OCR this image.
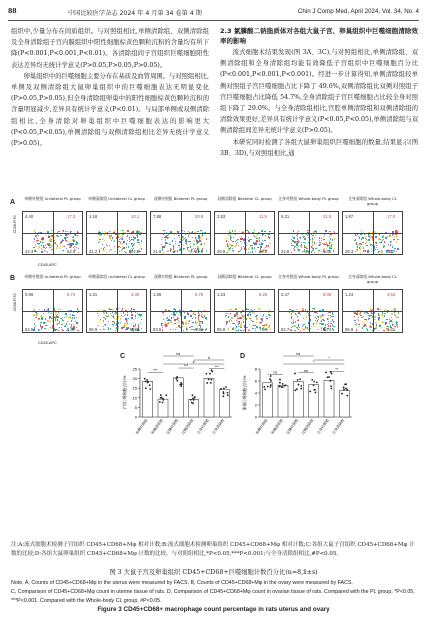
88	中国比较医学杂志 2024 年 4 月第 34 卷第 4 期	Chin J Comp Med, April 2024, Vol. 34, No. 4

组织中,少量分布在间质组织。与对照组相比,单侧清除组、双侧清除组及全身清除组子宫内膜组织中阳性细胞棕黄色颗粒沉积的含量均有所下降(P<0.001,P<0.001,P<0.01)。各清除组间子宫组织巨噬细胞阳性表达差异均无统计学意义(P>0.05,P>0.05,P>0.05)。

卵巢组织中的巨噬细胞主要分布在基质及血管周围。与对照组相比,单侧及双侧清除组大鼠卵巢组织中的巨噬细胞表达无明显变化(P>0.05,P>0.05),但全身清除组卵巢中的阳性细胞棕黄色颗粒沉积的含量明显减少,差异具有统计学意义(P<0.01)。与局部单侧或双侧清除组相比,全身清除对卵巢组织中巨噬细胞表达的影响更大(P<0.05,P<0.05),单侧清除组与双侧清除组相比差异无统计学意义(P>0.05)。

2.3 氯膦酸二钠脂质体对各组大鼠子宫、卵巢组织中巨噬细胞清除效率的影响

流式细胞术结果发现(图 3A、3C),与对照组相比,单侧清除组、双侧清除组和全身清除组均能有效降低子宫组织中巨噬细胞百分比(P<0.001,P<0.001,P<0.001)。经进一步计算得知,单侧清除组较单侧对照组子宫巨噬细胞占比下降了 49.6%,双侧清除组比双侧对照组子宫巨噬细胞占比降低 54.7%,全身清除组子宫巨噬细胞占比较全身对照组下降了 29.0%。与全身清除组相比,宫腔单侧清除组和双侧清除组的清除效果更好,差异具有统计学意义(P<0.05,P<0.05),单侧清除组与双侧清除组间差异无统计学意义(P>0.05)。

本研究同时检测了各组大鼠卵巢组织巨噬细胞的数量,结果显示(图 3B、3D),与对照组相比,通

A
CD68-FITC
单侧对照组 Unilateral PL group
4.40	17.3
24.3	54.0
单侧清除组 Unilateral CL group
1.18	10.1
31.2	57.5
双侧对照组 Bilateral PL group
7.88	20.8
21.6	49.8
双侧清除组 Bilateral CL group
2.53	11.5
25.9	60.0
全身对照组 Whole-body PL group
5.21	21.5
22.8	50.5
全身清除组 Whole-body CL group
1.97	17.0
28.3	52.7
CD45-APC
B
CD68-FITC
单侧对照组 Unilateral PL group
0.89	5.74
84.5	8.87
单侧清除组 Unilateral CL group
1.31	4.40
86.9	7.36
双侧对照组 Bilateral PL group
1.89	5.76
83.5	8.81
双侧清除组 Bilateral CL group
1.23	5.25
85.8	7.69
全身对照组 Whole-body PL group
2.47	6.06
82.7	8.74
全身清除组 Whole-body CL group
1.24	4.53
85.9	8.31
CD45-APC
C	D
0
5
10
15
20
25
子宫巨噬细胞占比/%
单侧对照组 单侧清除组 双侧对照组 双侧清除组 全身对照组 全身清除组
***
***	***
#
#
ns
0
2
4
6
8
卵巢巨噬细胞占比/%
单侧对照组 单侧清除组 双侧对照组 双侧清除组 全身对照组 全身清除组
ns	ns	**
*
*
ns
注:A:流式细胞术检测子宫组织 CD45+CD68+Mφ 相对计数;B:流式细胞术检测卵巢组织 CD45+CD68+Mφ 相对计数;C:各组大鼠子宫组织 CD45+CD68+Mφ 计数的比较;D:各组大鼠卵巢组织 CD45+CD68+Mφ 计数的比较。与对照组相比,*P<0.05,***P<0.001;与全身清除组相比,#P<0.05。
图 3 大鼠子宫及卵巢组织 CD45+CD68+巨噬细胞计数百分比(n=8,x̄±s)
Note. A, Counts of CD45+CD68+Mφ in the uterus were measured by FACS. B, Counts of CD45+CD68+Mφ in the ovary were measured by FACS.
C, Comparison of CD45+CD68+Mφ count in uterine tissue of rats. D, Comparison of CD45+CD68+Mφ count in ovarian tissue of rats. Compared with the PL group, *P<0.05, ***P<0.001. Compared with the Whole-body CL group, #P<0.05.
Figure 3 CD45+CD68+ macrophage count percentage in rats uterus and ovary
